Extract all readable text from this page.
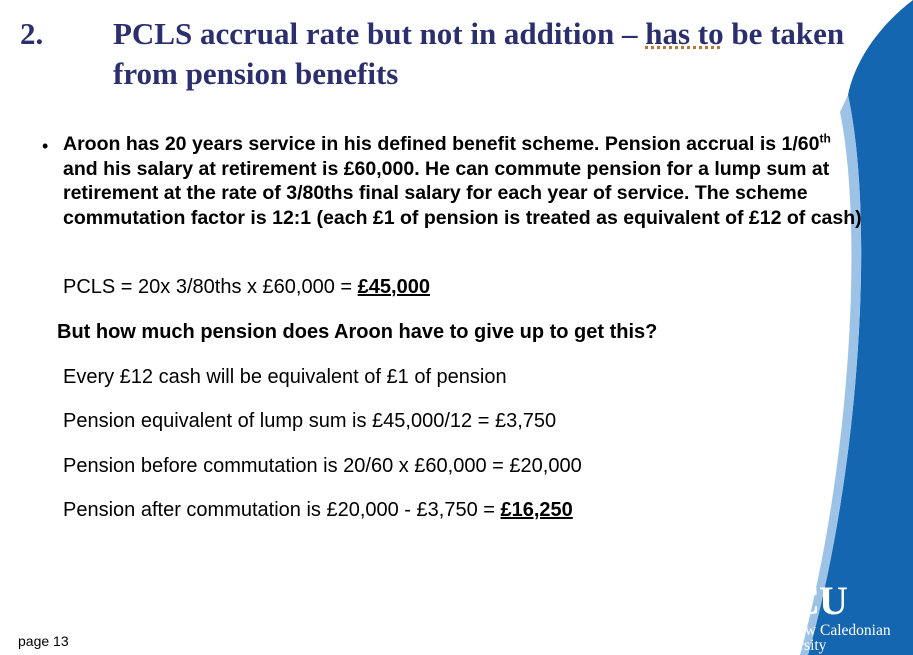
2. PCLS accrual rate but not in addition – has to be taken from pension benefits
• Aroon has 20 years service in his defined benefit scheme. Pension accrual is 1/60th and his salary at retirement is £60,000. He can commute pension for a lump sum at retirement at the rate of 3/80ths final salary for each year of service. The scheme commutation factor is 12:1 (each £1 of pension is treated as equivalent of £12 of cash)
PCLS = 20x 3/80ths x £60,000 = £45,000
But how much pension does Aroon have to give up to get this?
Every £12 cash will be equivalent of £1 of pension
Pension equivalent of lump sum is £45,000/12 = £3,750
Pension before commutation is 20/60 x £60,000 = £20,000
Pension after commutation is £20,000 - £3,750 = £16,250
page 13
GCU
Glasgow Caledonian
University
